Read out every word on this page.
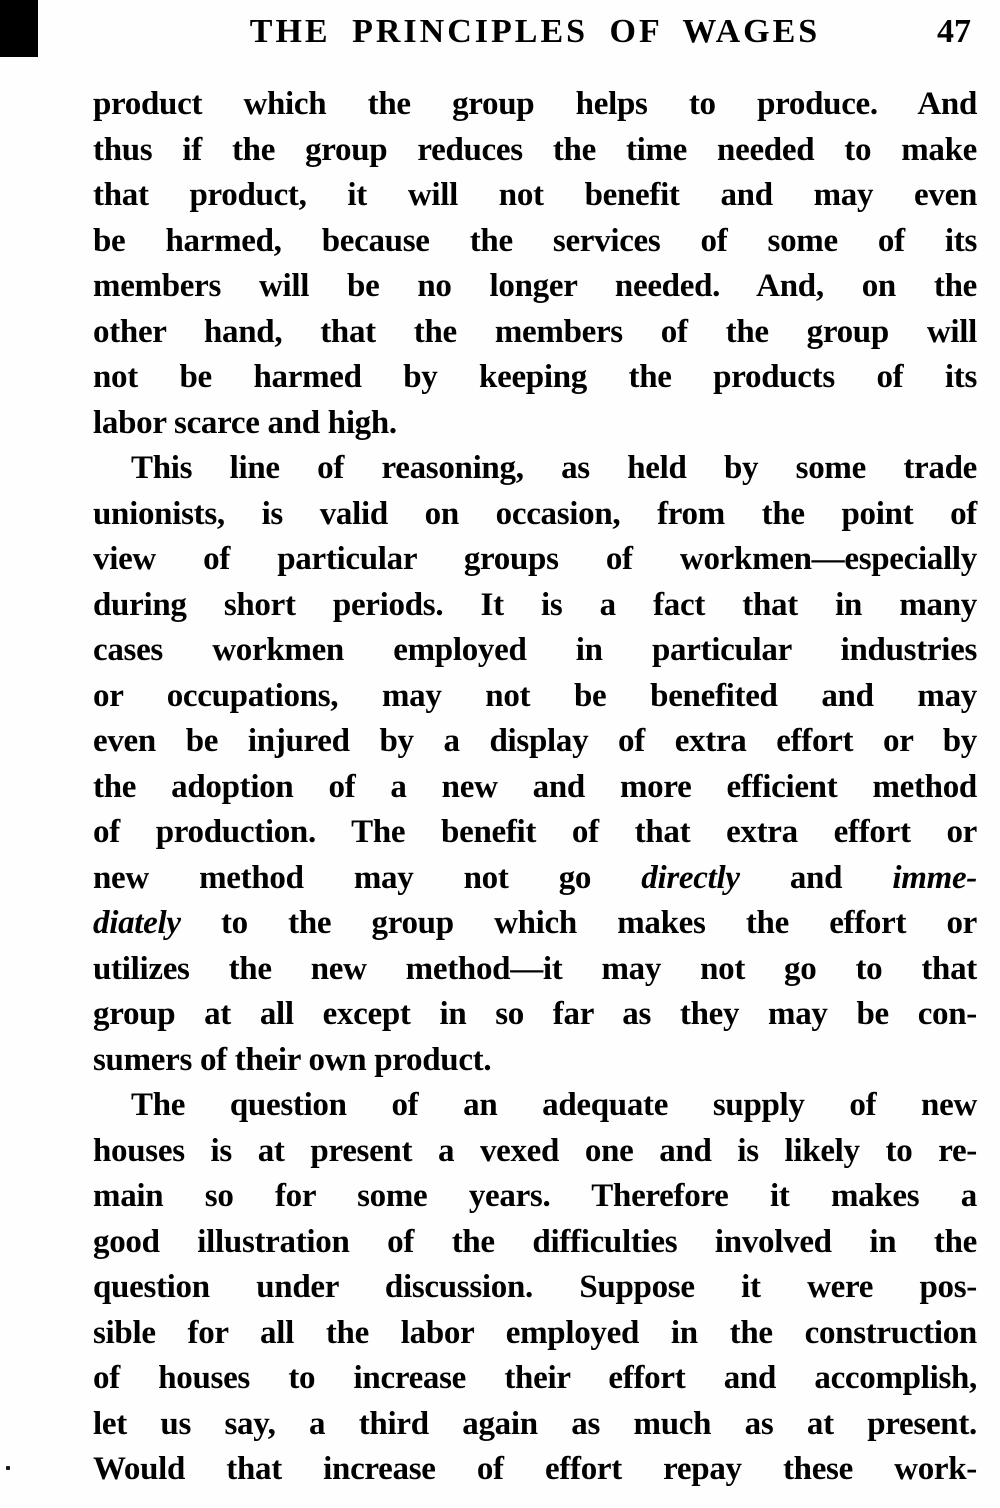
THE PRINCIPLES OF WAGES	47
product which the group helps to produce. And
thus if the group reduces the time needed to make
that product, it will not benefit and may even
be harmed, because the services of some of its
members will be no longer needed. And, on the
other hand, that the members of the group will
not be harmed by keeping the products of its
labor scarce and high.
This line of reasoning, as held by some trade
unionists, is valid on occasion, from the point of
view of particular groups of workmen—especially
during short periods. It is a fact that in many
cases workmen employed in particular industries
or occupations, may not be benefited and may
even be injured by a display of extra effort or by
the adoption of a new and more efficient method
of production. The benefit of that extra effort or
new method may not go directly and imme-
diately to the group which makes the effort or
utilizes the new method—it may not go to that
group at all except in so far as they may be con-
sumers of their own product.
The question of an adequate supply of new
houses is at present a vexed one and is likely to re-
main so for some years. Therefore it makes a
good illustration of the difficulties involved in the
question under discussion. Suppose it were pos-
sible for all the labor employed in the construction
of houses to increase their effort and accomplish,
let us say, a third again as much as at present.
Would that increase of effort repay these work-
